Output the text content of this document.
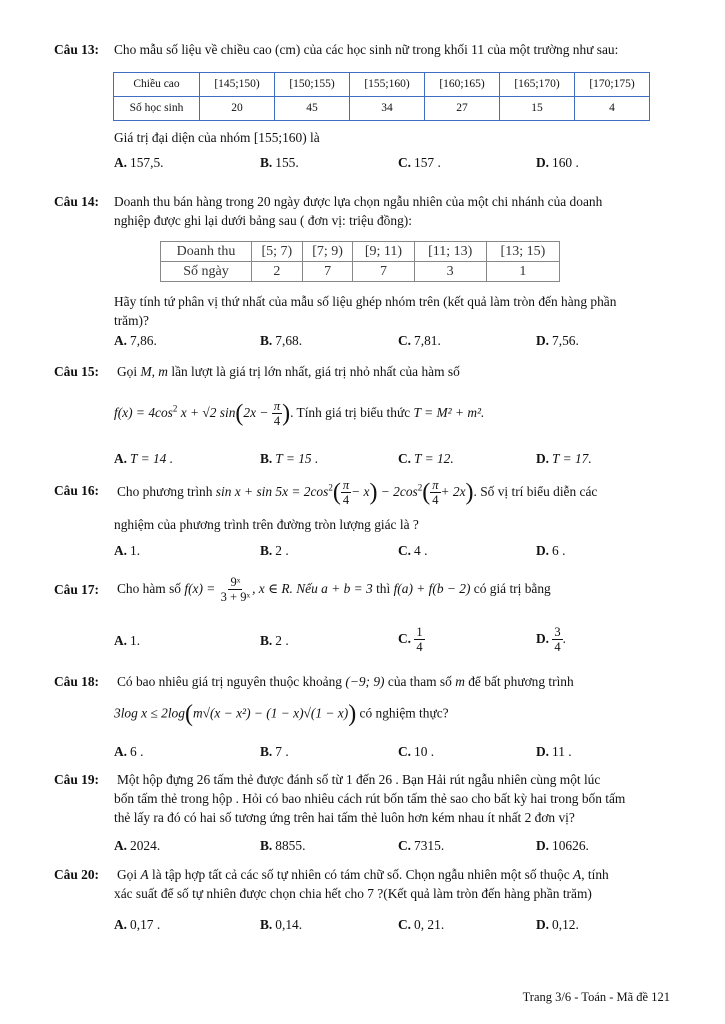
Câu 13: Cho mẫu số liệu về chiều cao (cm) của các học sinh nữ trong khối 11 của một trường như sau:
Chiều cao	[145;150)	[150;155)	[155;160)	[160;165)	[165;170)	[170;175)
Số học sinh	20	45	34	27	15	4
Giá trị đại diện của nhóm [155;160) là
A. 157,5.	B. 155.	C. 157 .	D. 160 .
Câu 14: Doanh thu bán hàng trong 20 ngày được lựa chọn ngẫu nhiên của một chi nhánh của doanh
nghiệp được ghi lại dưới bảng sau ( đơn vị: triệu đồng):
Doanh thu	[5; 7)	[7; 9)	[9; 11)	[11; 13)	[13; 15)
Số ngày	2	7	7	3	1
Hãy tính tứ phân vị thứ nhất của mẫu số liệu ghép nhóm trên (kết quả làm tròn đến hàng phần
trăm)?
A. 7,86.	B. 7,68.	C. 7,81.	D. 7,56.
Câu 15: Gọi M, m lần lượt là giá trị lớn nhất, giá trị nhỏ nhất của hàm số
$f(x) = 4\cos^2$ x + √2 $\sin(2x - \frac{\pi}{4}$ ). Tính giá trị biểu thức T = M² + m².
A. T = 14 .	B. T = 15 .	C. T = 12.	D. T = 17.
Câu 16: Cho phương trình $\sin x + \sin 5x = 2\cos^2( \frac{\pi}{4} - x) - 2\cos^2( \frac{\pi}{4} + 2x)$. Số vị trí biểu diễn các
nghiệm của phương trình trên đường tròn lượng giác là ?
A. 1.	B. 2 .	C. 4 .	D. 6 .
Câu 17: Cho hàm số $f(x) = \frac{\text{9ˣ}}{\text{3 + 9ˣ}}$ , x ∈ R. Nếu a + b = 3 thì f(a) + f(b − 2) có giá trị bằng
A. 1.	B. 2 .	C. $\frac{1}{4}$	D. $\frac{3}{4}$ .
Câu 18: Có bao nhiêu giá trị nguyên thuộc khoảng (−9; 9) của tham số m để bất phương trình
3log x ≤ 2log(m√(x − x²) − (1 − x)√(1 − x)) có nghiệm thực?
A. 6 .	B. 7 .	C. 10 .	D. 11 .
Câu 19: Một hộp đựng 26 tấm thẻ được đánh số từ 1 đến 26 . Bạn Hải rút ngẫu nhiên cùng một lúc
bốn tấm thẻ trong hộp . Hỏi có bao nhiêu cách rút bốn tấm thẻ sao cho bất kỳ hai trong bốn tấm
thẻ lấy ra đó có hai số tương ứng trên hai tấm thẻ luôn hơn kém nhau ít nhất 2 đơn vị?
A. 2024.	B. 8855.	C. 7315.	D. 10626.
Câu 20: Gọi A là tập hợp tất cả các số tự nhiên có tám chữ số. Chọn ngẫu nhiên một số thuộc A, tính
xác suất để số tự nhiên được chọn chia hết cho 7 ?(Kết quả làm tròn đến hàng phần trăm)
A. 0,17 .	B. 0,14.	C. 0, 21.	D. 0,12.
Trang 3/6 - Toán - Mã đề 121
